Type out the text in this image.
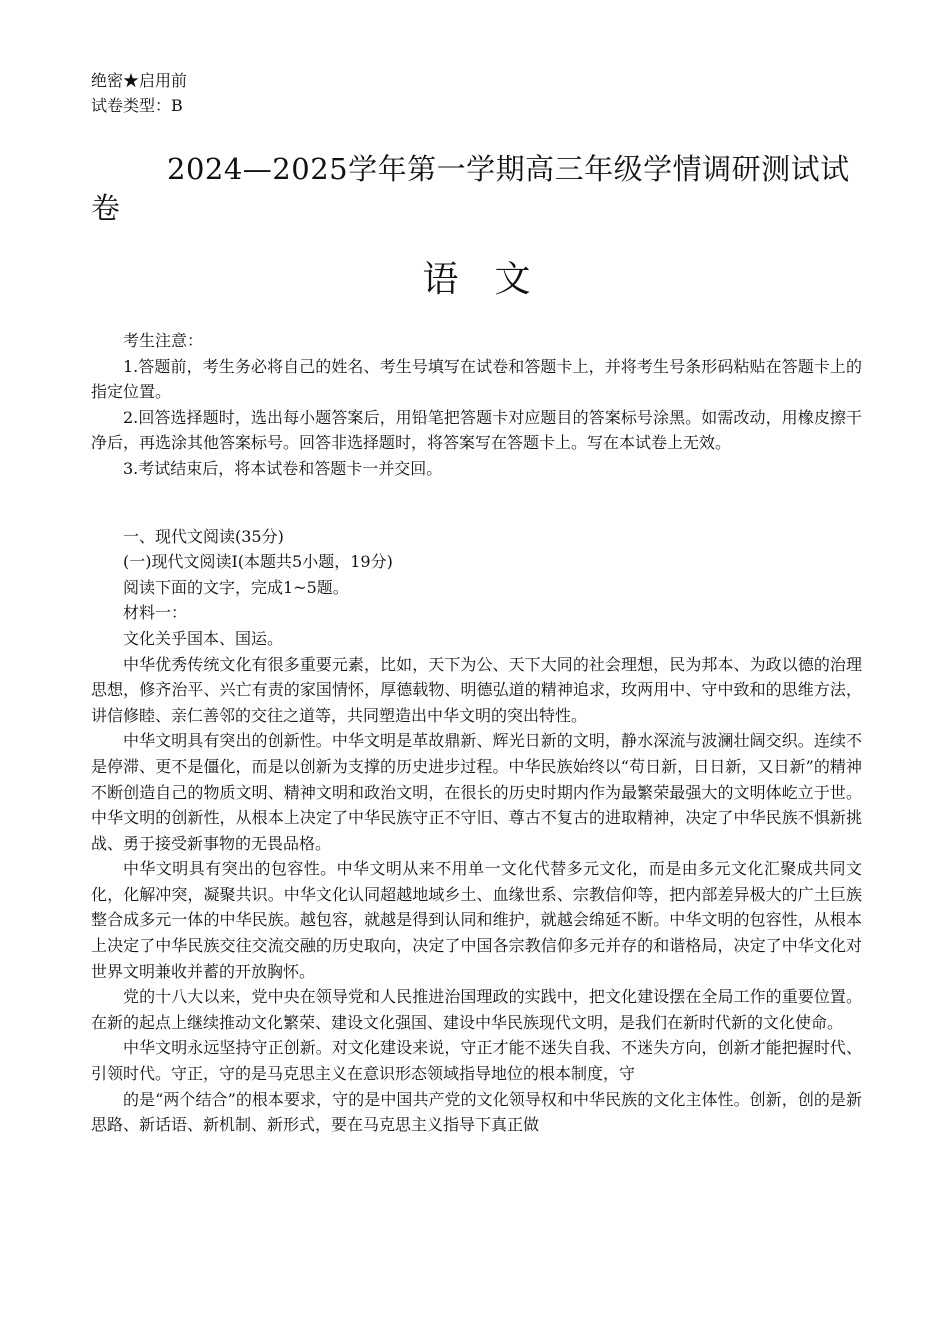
绝密★启用前
试卷类型：B
2024—2025学年第一学期高三年级学情调研测试试卷
语文

考生注意：

1.答题前，考生务必将自己的姓名、考生号填写在试卷和答题卡上，并将考生号条形码粘贴在答题卡上的指定位置。

2.回答选择题时，选出每小题答案后，用铅笔把答题卡对应题目的答案标号涂黑。如需改动，用橡皮擦干净后，再选涂其他答案标号。回答非选择题时，将答案写在答题卡上。写在本试卷上无效。

3.考试结束后，将本试卷和答题卡一并交回。

一、现代文阅读(35分)

(一)现代文阅读Ⅰ(本题共5小题，19分)

阅读下面的文字，完成1~5题。

材料一：

文化关乎国本、国运。

中华优秀传统文化有很多重要元素，比如，天下为公、天下大同的社会理想，民为邦本、为政以德的治理思想，修齐治平、兴亡有责的家国情怀，厚德载物、明德弘道的精神追求，玫两用中、守中致和的思维方法，讲信修睦、亲仁善邻的交往之道等，共同塑造出中华文明的突出特性。

中华文明具有突出的创新性。中华文明是革故鼎新、辉光日新的文明，静水深流与波澜壮阔交织。连续不是停滞、更不是僵化，而是以创新为支撑的历史进步过程。中华民族始终以“苟日新，日日新，又日新”的精神不断创造自己的物质文明、精神文明和政治文明，在很长的历史时期内作为最繁荣最强大的文明体屹立于世。中华文明的创新性，从根本上决定了中华民族守正不守旧、尊古不复古的进取精神，决定了中华民族不惧新挑战、勇于接受新事物的无畏品格。

中华文明具有突出的包容性。中华文明从来不用单一文化代替多元文化，而是由多元文化汇聚成共同文化，化解冲突，凝聚共识。中华文化认同超越地域乡土、血缘世系、宗教信仰等，把内部差异极大的广土巨族整合成多元一体的中华民族。越包容，就越是得到认同和维护，就越会绵延不断。中华文明的包容性，从根本上决定了中华民族交往交流交融的历史取向，决定了中国各宗教信仰多元并存的和谐格局，决定了中华文化对世界文明兼收并蓄的开放胸怀。

党的十八大以来，党中央在领导党和人民推进治国理政的实践中，把文化建设摆在全局工作的重要位置。在新的起点上继续推动文化繁荣、建设文化强国、建设中华民族现代文明，是我们在新时代新的文化使命。

中华文明永远坚持守正创新。对文化建设来说，守正才能不迷失自我、不迷失方向，创新才能把握时代、引领时代。守正，守的是马克思主义在意识形态领域指导地位的根本制度，守

的是“两个结合”的根本要求，守的是中国共产党的文化领导权和中华民族的文化主体性。创新，创的是新思路、新话语、新机制、新形式，要在马克思主义指导下真正做
